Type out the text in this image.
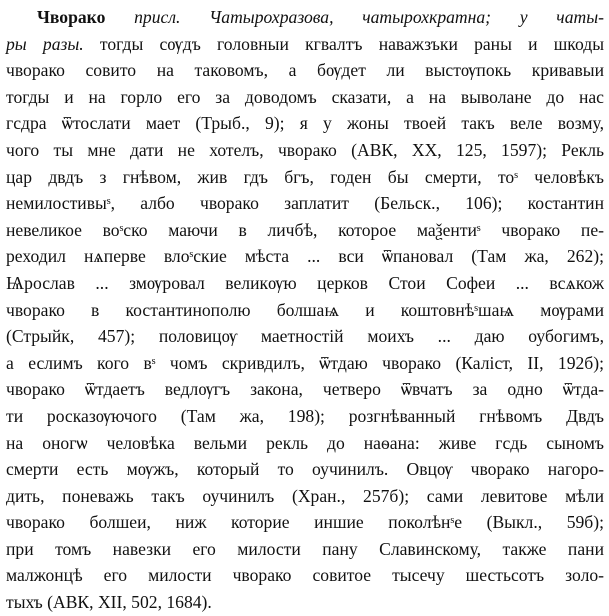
Чворако присл. Чатырохразова, чатырохкратна; у чаты-
ры разы. тогды сѹдъ головныи кгвалтъ наважзъки раны и шкоды
чворако совито на таковомъ, а бѹдет ли выстѹпокь кривавыи
тогды и на горло его за доводомъ сказати, а на выволане до нас
гсдра ѿтослати мает (Трыб., 9); я у жоны твоей такъ веле возму,
чого ты мне дати не хотелъ, чворако (АВК, ХХ, 125, 1597); Рекль
цар двдъ з гнѣвом, жив гдъ бгъ, годен бы смерти, тоˢ человѣкъ
немилостивыˢ, албо чворако заплатит (Бельск., 106); костантин
невеликое воˢско маючи в личбѣ, которое маѯентиˢ чворако пе-
реходил нѧперве влоˢские мѣста ... вси ѿпановал (Там жа, 262);
Ѩрослав ... змѹровал великѹю церков Стои Софеи ... всѧкож
чворако в костантинополю болшаѩ и коштовнѣˢшаѩ мѹрами
(Стрыйк, 457); половицѹ маетностій моихъ ... даю оубогимъ,
а еслимъ кого вˢ чомъ скривдилъ, ѿтдаю чворако (Каліст, II, 192б);
чворако ѿтдаетъ ведлѹгъ закона, четверо ѿвчатъ за одно ѿтда-
ти росказѹючого (Там жа, 198); розгнѣванный гнѣвомъ Двдъ
на оногѡ человѣка вельми рекль до наѳана: живе гсдь сыномъ
смерти есть мѹжъ, который то оучинилъ. Овцѹ чворако нагоро-
дить, поневажь такъ оучинилъ (Хран., 257б); сами левитове мѣли
чворако болшеи, ниж которие иншие поколѣнˢе (Выкл., 59б);
при томъ навезки его милости пану Славинскому, также пани
малжонцѣ его милости чворако совитое тысечу шестьсотъ золо-
тыхъ (АВК, XII, 502, 1684).
